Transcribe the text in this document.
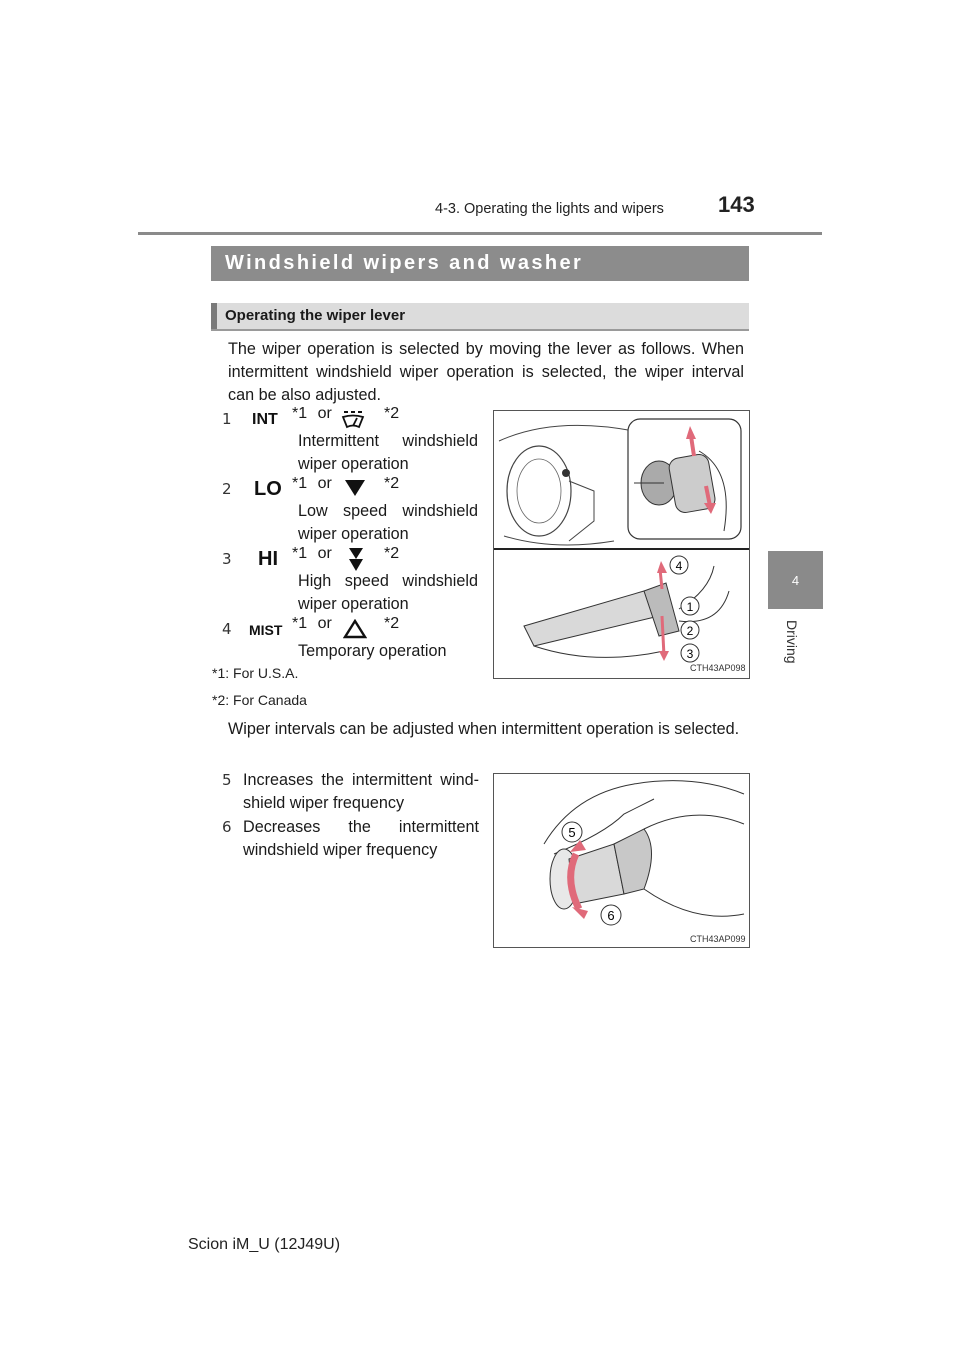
4-3. Operating the lights and wipers 143
4
Driving
Windshield wipers and washer
Operating the wiper lever
The wiper operation is selected by moving the lever as follows. When intermittent windshield wiper operation is selected, the wiper interval can be also adjusted.
1 INT *1 or	*2
Intermittent windshield wiper operation
2 LO *1 or	*2
Low speed windshield wiper operation
3 HI *1 or	*2
High speed windshield wiper operation
4 MIST *1 or	*2
Temporary operation
4
1
2
3
CTH43AP098
*1: For U.S.A.
*2: For Canada
Wiper intervals can be adjusted when intermittent operation is selected.
5 Increases the intermittent wind-shield wiper frequency
6 Decreases the intermittent windshield wiper frequency
5
6
CTH43AP099
Scion iM_U (12J49U)
